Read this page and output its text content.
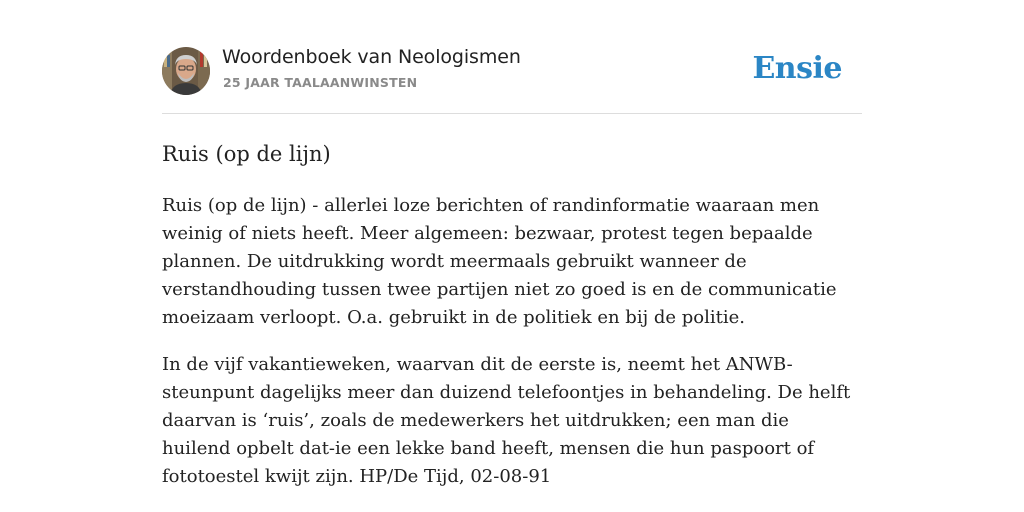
Woordenboek van Neologismen
25 JAAR TAALAANWINSTEN	Ensie
Ruis (op de lijn)

Ruis (op de lijn) - allerlei loze berichten of randinformatie waaraan men weinig of niets heeft. Meer algemeen: bezwaar, protest tegen bepaalde plannen. De uitdrukking wordt meermaals gebruikt wanneer de verstandhouding tussen twee partijen niet zo goed is en de communicatie moeizaam verloopt. O.a. gebruikt in de politiek en bij de politie.

In de vijf vakantieweken, waarvan dit de eerste is, neemt het ANWB-steunpunt dagelijks meer dan duizend telefoontjes in behandeling. De helft daarvan is ‘ruis’, zoals de medewerkers het uitdrukken; een man die huilend opbelt dat-ie een lekke band heeft, mensen die hun paspoort of fototoestel kwijt zijn. HP/De Tijd, 02-08-91
